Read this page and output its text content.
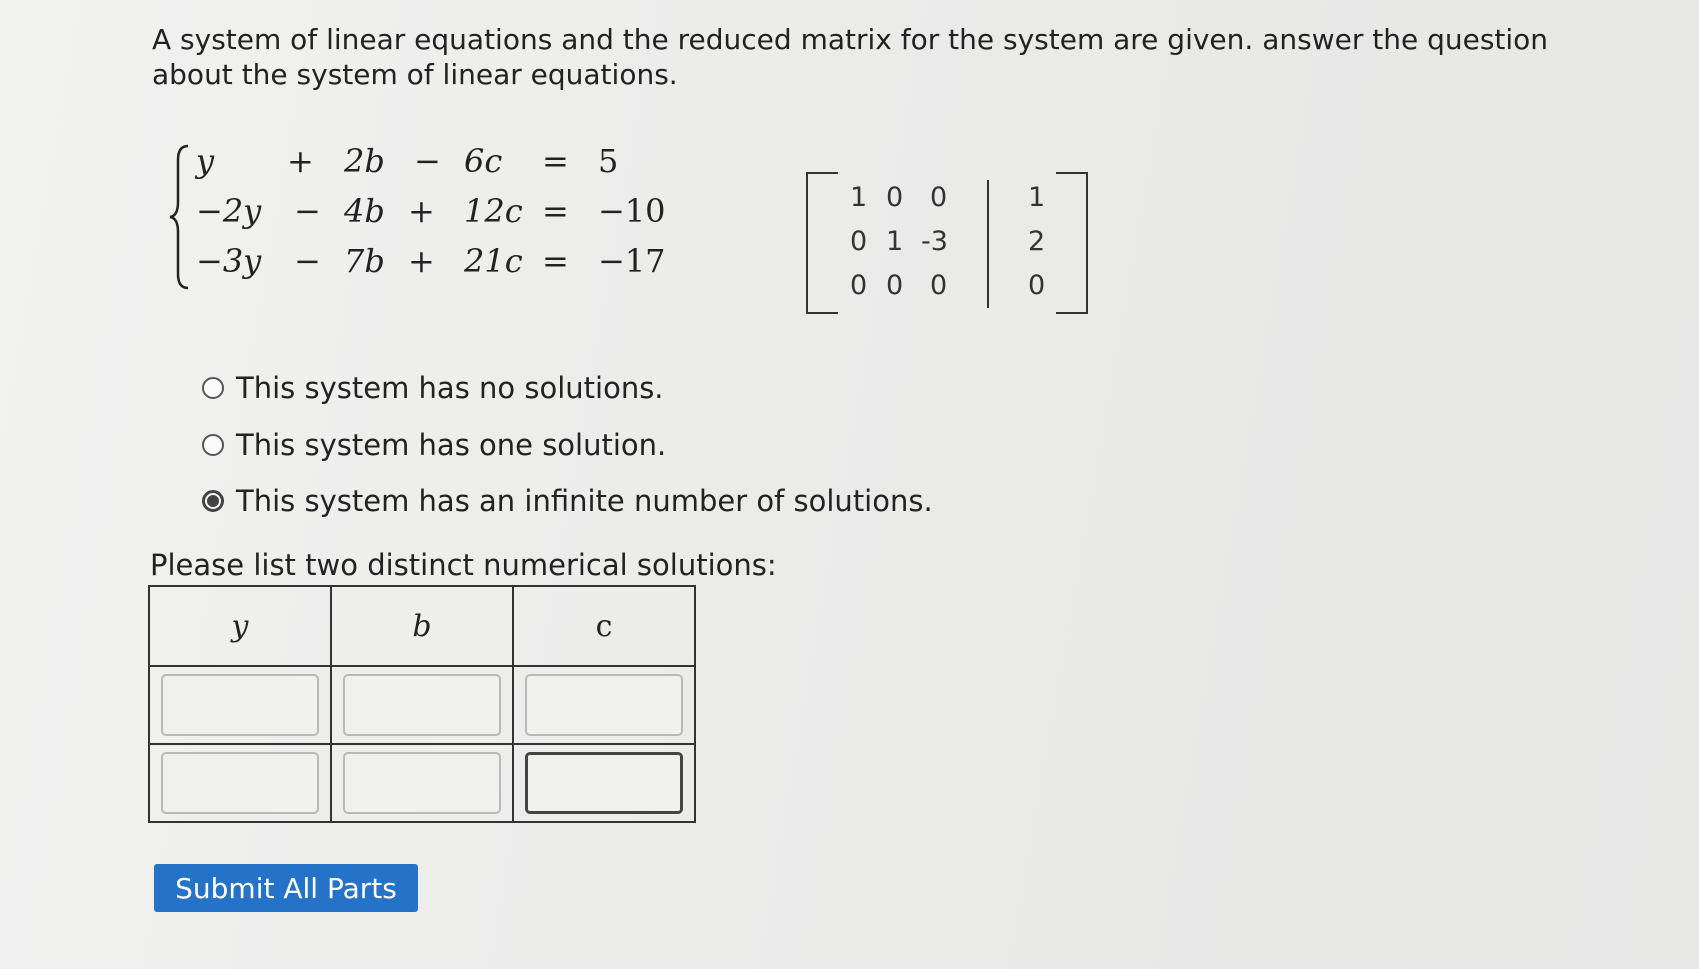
A system of linear equations and the reduced matrix for the system are given. answer the question about the system of linear equations.
y + 2b − 6c = 5
−2y − 4b + 12c = −10
−3y − 7b + 21c = −17
1 0 0	1
0 1 -3	2
0 0 0	0
This system has no solutions.
This system has one solution.
This system has an infinite number of solutions.
Please list two distinct numerical solutions:
y	b	c

Submit All Parts
